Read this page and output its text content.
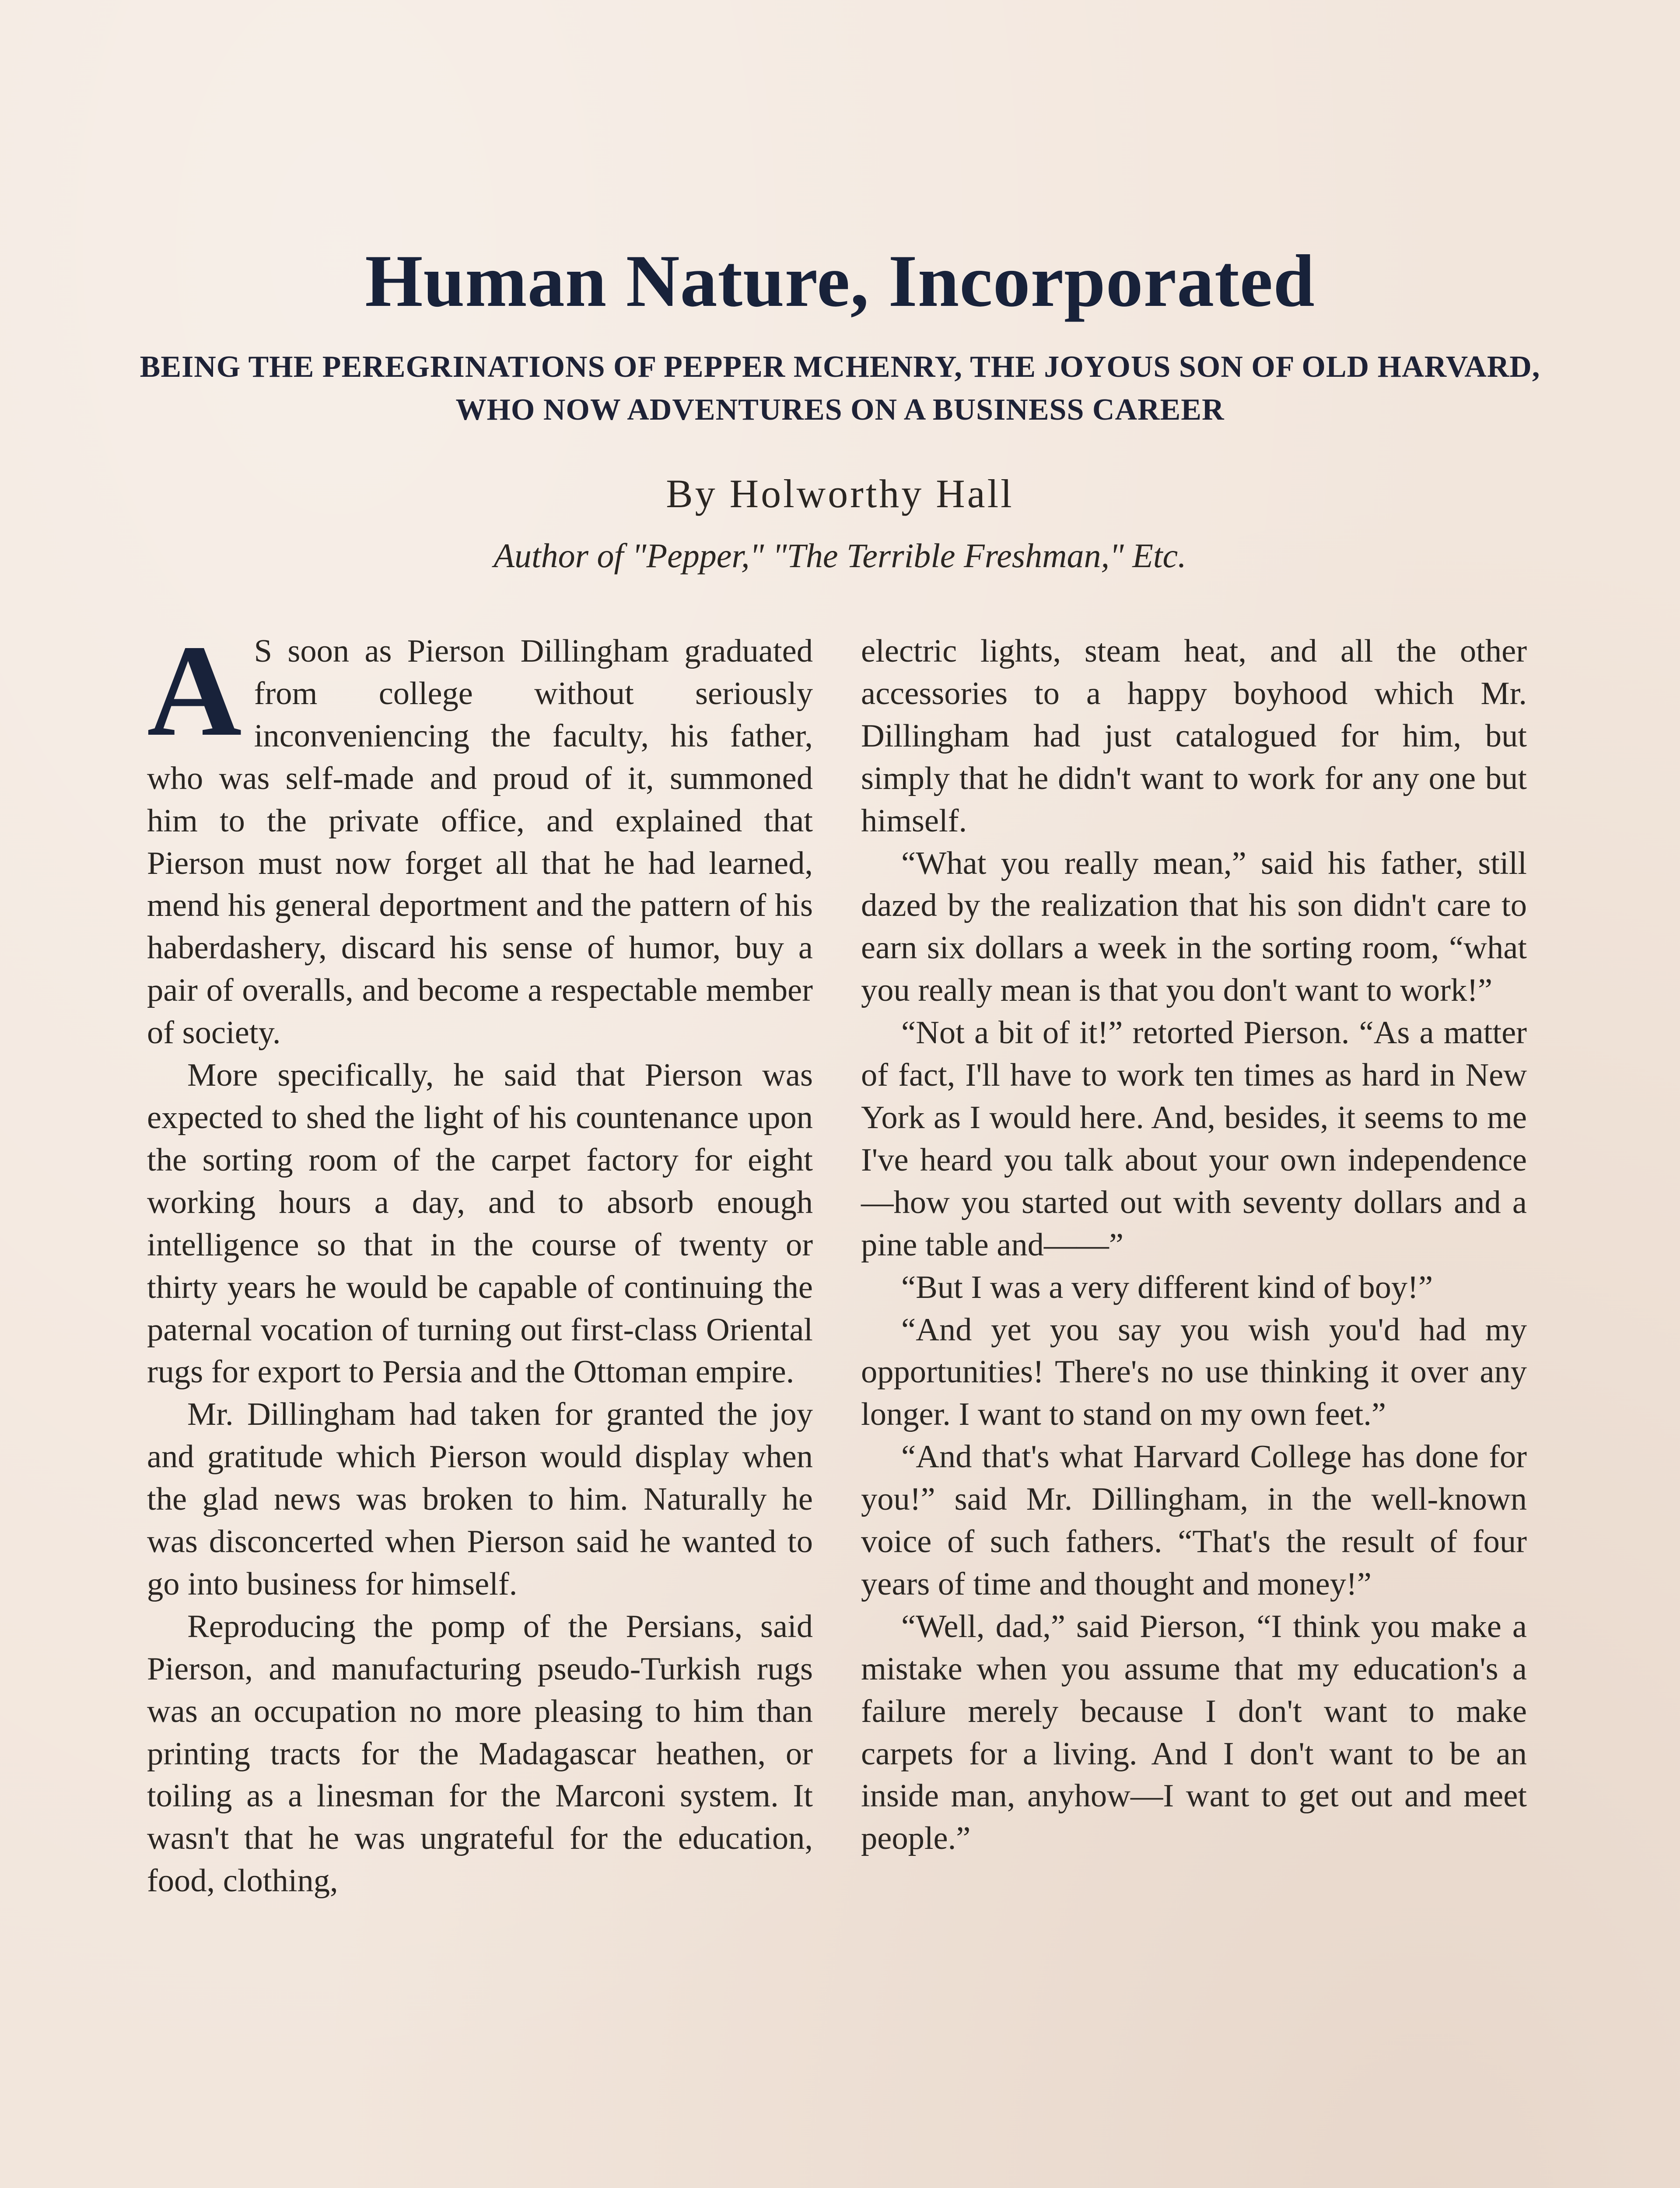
Human Nature, Incorporated
BEING THE PEREGRINATIONS OF PEPPER MCHENRY, THE JOYOUS SON OF OLD HARVARD, WHO NOW ADVENTURES ON A BUSINESS CAREER
By Holworthy Hall
Author of "Pepper," "The Terrible Freshman," Etc.

A S soon as Pierson Dillingham graduated from college without seriously inconveniencing the faculty, his father, who was self-made and proud of it, summoned him to the private office, and explained that Pierson must now forget all that he had learned, mend his general deportment and the pattern of his haberdashery, discard his sense of humor, buy a pair of overalls, and become a respectable member of society.

More specifically, he said that Pierson was expected to shed the light of his countenance upon the sorting room of the carpet factory for eight working hours a day, and to absorb enough intelligence so that in the course of twenty or thirty years he would be capable of continuing the paternal vocation of turning out first-class Oriental rugs for export to Persia and the Ottoman empire.

Mr. Dillingham had taken for granted the joy and gratitude which Pierson would display when the glad news was broken to him. Naturally he was disconcerted when Pierson said he wanted to go into business for himself.

Reproducing the pomp of the Persians, said Pierson, and manufacturing pseudo-Turkish rugs was an occupation no more pleasing to him than printing tracts for the Madagascar heathen, or toiling as a linesman for the Marconi system. It wasn't that he was ungrateful for the education, food, clothing,

electric lights, steam heat, and all the other accessories to a happy boyhood which Mr. Dillingham had just catalogued for him, but simply that he didn't want to work for any one but himself.

“What you really mean,” said his father, still dazed by the realization that his son didn't care to earn six dollars a week in the sorting room, “what you really mean is that you don't want to work!”

“Not a bit of it!” retorted Pierson. “As a matter of fact, I'll have to work ten times as hard in New York as I would here. And, besides, it seems to me I've heard you talk about your own independence—how you started out with seventy dollars and a pine table and——”

“But I was a very different kind of boy!”

“And yet you say you wish you'd had my opportunities! There's no use thinking it over any longer. I want to stand on my own feet.”

“And that's what Harvard College has done for you!” said Mr. Dillingham, in the well-known voice of such fathers. “That's the result of four years of time and thought and money!”

“Well, dad,” said Pierson, “I think you make a mistake when you assume that my education's a failure merely because I don't want to make carpets for a living. And I don't want to be an inside man, anyhow—I want to get out and meet people.”
